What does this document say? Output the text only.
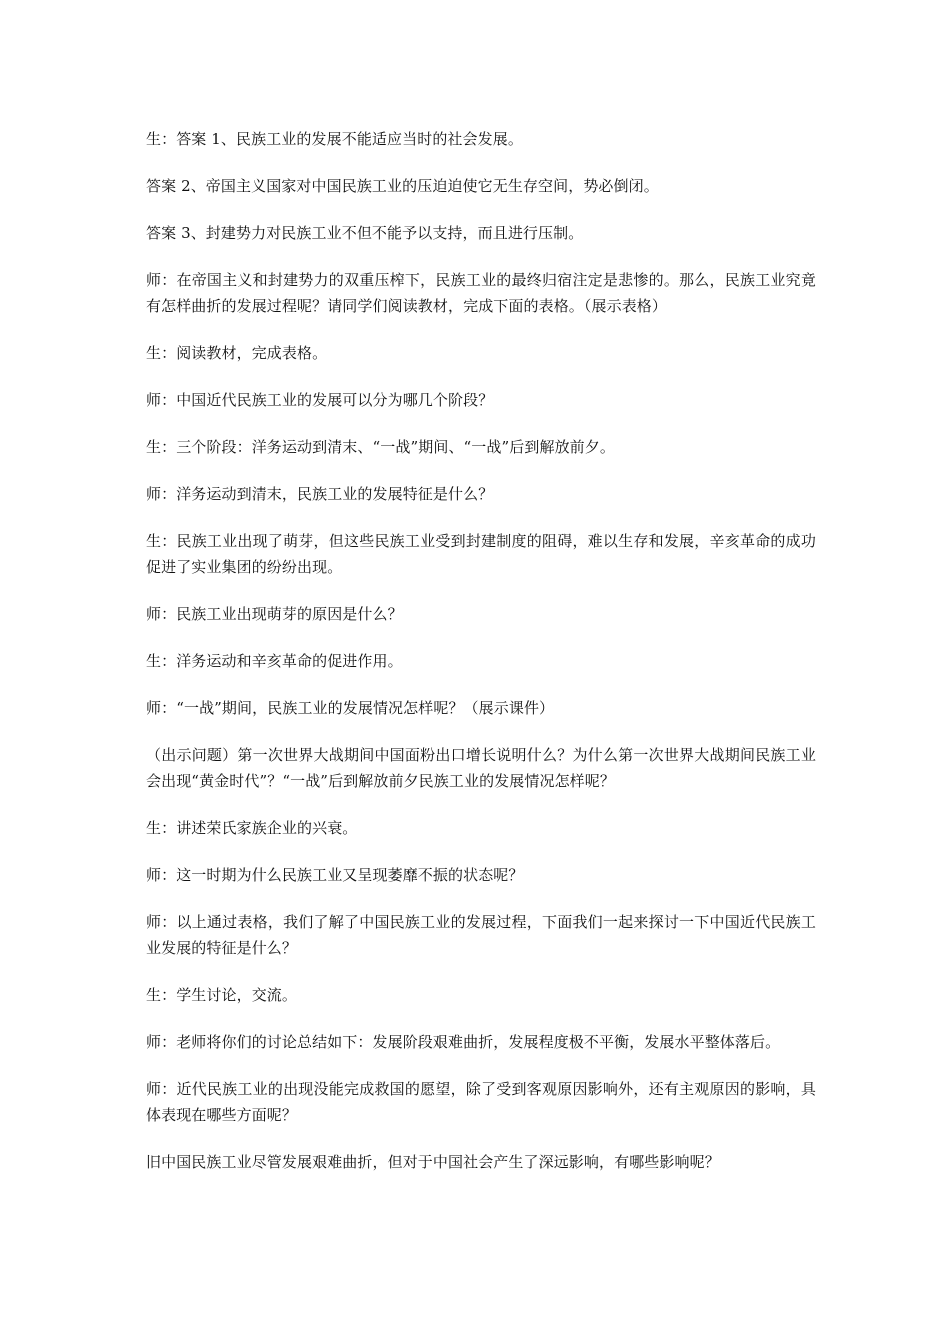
生：答案 1、民族工业的发展不能适应当时的社会发展。

答案 2、帝国主义国家对中国民族工业的压迫迫使它无生存空间，势必倒闭。

答案 3、封建势力对民族工业不但不能予以支持，而且进行压制。

师：在帝国主义和封建势力的双重压榨下，民族工业的最终归宿注定是悲惨的。那么，民族工业究竟有怎样曲折的发展过程呢？请同学们阅读教材，完成下面的表格。（展示表格）

生：阅读教材，完成表格。

师：中国近代民族工业的发展可以分为哪几个阶段？

生：三个阶段：洋务运动到清末、“一战”期间、“一战”后到解放前夕。

师：洋务运动到清末，民族工业的发展特征是什么？

生：民族工业出现了萌芽，但这些民族工业受到封建制度的阻碍，难以生存和发展，辛亥革命的成功促进了实业集团的纷纷出现。

师：民族工业出现萌芽的原因是什么？

生：洋务运动和辛亥革命的促进作用。

师：“一战”期间，民族工业的发展情况怎样呢？（展示课件）

（出示问题）第一次世界大战期间中国面粉出口增长说明什么？为什么第一次世界大战期间民族工业会出现“黄金时代”？“一战”后到解放前夕民族工业的发展情况怎样呢？

生：讲述荣氏家族企业的兴衰。

师：这一时期为什么民族工业又呈现萎靡不振的状态呢？

师：以上通过表格，我们了解了中国民族工业的发展过程，下面我们一起来探讨一下中国近代民族工业发展的特征是什么？

生：学生讨论，交流。

师：老师将你们的讨论总结如下：发展阶段艰难曲折，发展程度极不平衡，发展水平整体落后。

师：近代民族工业的出现没能完成救国的愿望，除了受到客观原因影响外，还有主观原因的影响，具体表现在哪些方面呢？

旧中国民族工业尽管发展艰难曲折，但对于中国社会产生了深远影响，有哪些影响呢？
